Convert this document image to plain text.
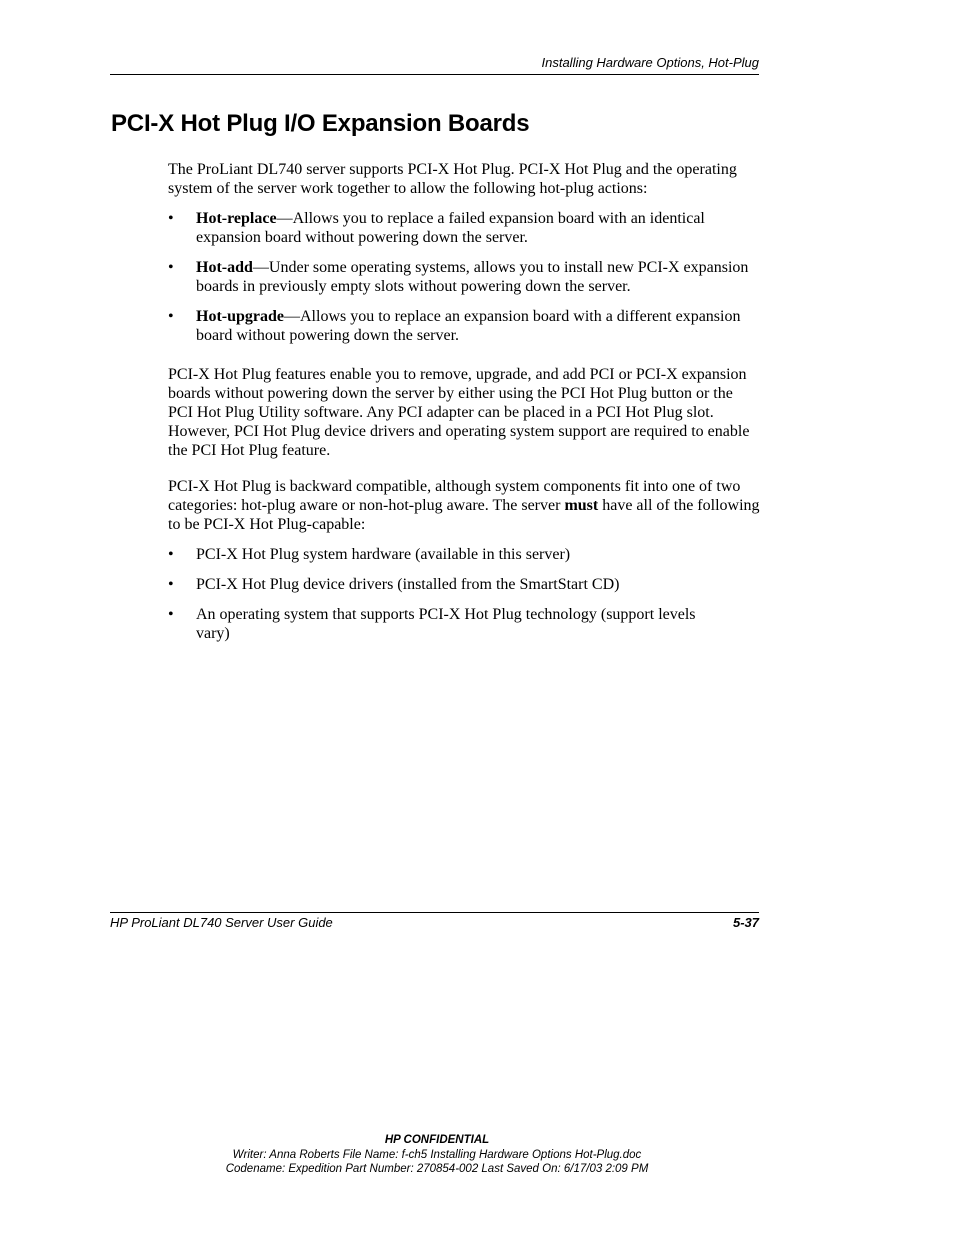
Installing Hardware Options, Hot-Plug
PCI-X Hot Plug I/O Expansion Boards

The ProLiant DL740 server supports PCI-X Hot Plug. PCI-X Hot Plug and the operating system of the server work together to allow the following hot-plug actions:

• Hot-replace—Allows you to replace a failed expansion board with an identical expansion board without powering down the server.
• Hot-add—Under some operating systems, allows you to install new PCI-X expansion boards in previously empty slots without powering down the server.
• Hot-upgrade—Allows you to replace an expansion board with a different expansion board without powering down the server.

PCI-X Hot Plug features enable you to remove, upgrade, and add PCI or PCI-X expansion boards without powering down the server by either using the PCI Hot Plug button or the PCI Hot Plug Utility software. Any PCI adapter can be placed in a PCI Hot Plug slot. However, PCI Hot Plug device drivers and operating system support are required to enable the PCI Hot Plug feature.

PCI-X Hot Plug is backward compatible, although system components fit into one of two categories: hot-plug aware or non-hot-plug aware. The server must have all of the following to be PCI-X Hot Plug-capable:

• PCI-X Hot Plug system hardware (available in this server)
• PCI-X Hot Plug device drivers (installed from the SmartStart CD)
• An operating system that supports PCI-X Hot Plug technology (support levels vary)
HP ProLiant DL740 Server User Guide	5-37
HP CONFIDENTIAL
Writer: Anna Roberts File Name: f-ch5 Installing Hardware Options Hot-Plug.doc
Codename: Expedition Part Number: 270854-002 Last Saved On: 6/17/03 2:09 PM
